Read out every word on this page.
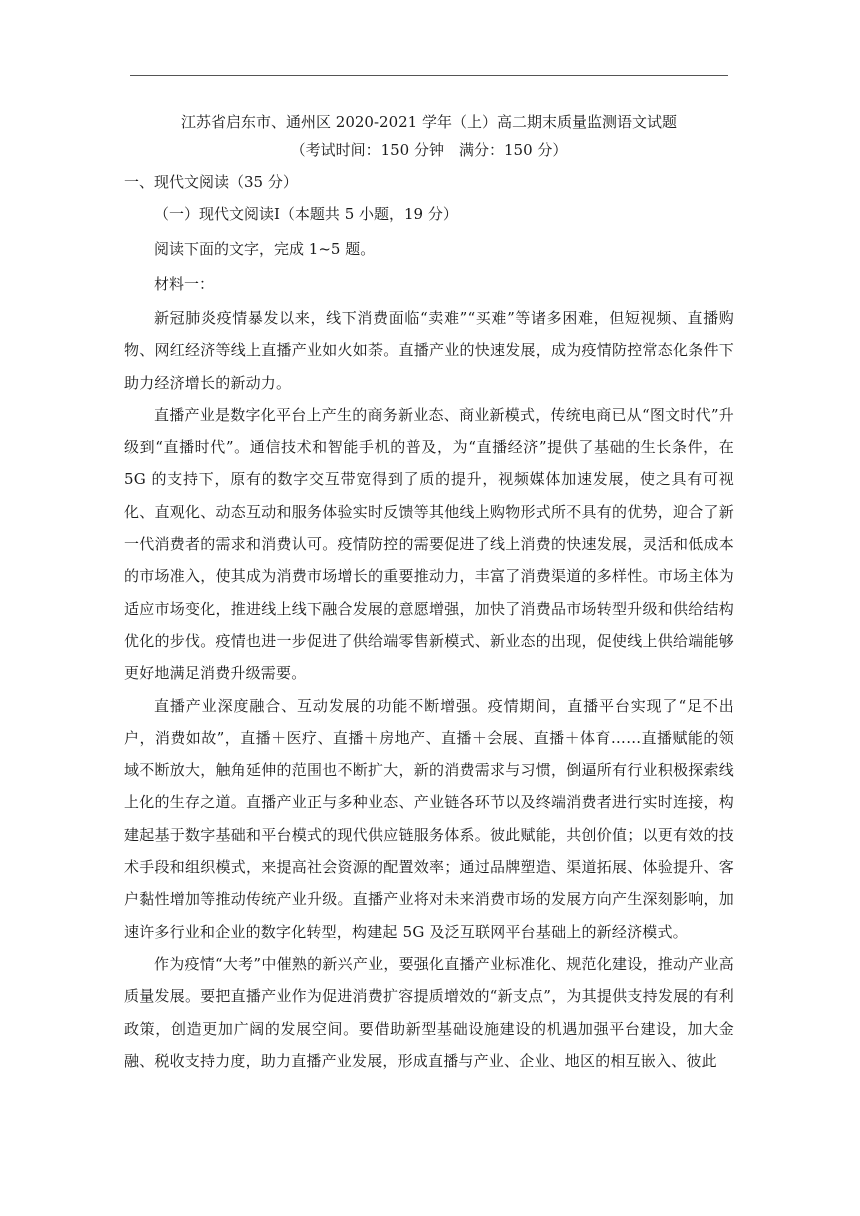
江苏省启东市、通州区 2020-2021 学年（上）高二期末质量监测语文试题

（考试时间：150 分钟　满分：150 分）

一、现代文阅读（35 分）

（一）现代文阅读Ⅰ（本题共 5 小题，19 分）

阅读下面的文字，完成 1~5 题。

材料一：

新冠肺炎疫情暴发以来，线下消费面临“卖难”“买难”等诸多困难，但短视频、直播购物、网红经济等线上直播产业如火如荼。直播产业的快速发展，成为疫情防控常态化条件下助力经济增长的新动力。

直播产业是数字化平台上产生的商务新业态、商业新模式，传统电商已从“图文时代”升级到“直播时代”。通信技术和智能手机的普及，为“直播经济”提供了基础的生长条件，在 5G 的支持下，原有的数字交互带宽得到了质的提升，视频媒体加速发展，使之具有可视化、直观化、动态互动和服务体验实时反馈等其他线上购物形式所不具有的优势，迎合了新一代消费者的需求和消费认可。疫情防控的需要促进了线上消费的快速发展，灵活和低成本的市场准入，使其成为消费市场增长的重要推动力，丰富了消费渠道的多样性。市场主体为适应市场变化，推进线上线下融合发展的意愿增强，加快了消费品市场转型升级和供给结构优化的步伐。疫情也进一步促进了供给端零售新模式、新业态的出现，促使线上供给端能够更好地满足消费升级需要。

直播产业深度融合、互动发展的功能不断增强。疫情期间，直播平台实现了“足不出户，消费如故”，直播＋医疗、直播＋房地产、直播＋会展、直播＋体育……直播赋能的领域不断放大，触角延伸的范围也不断扩大，新的消费需求与习惯，倒逼所有行业积极探索线上化的生存之道。直播产业正与多种业态、产业链各环节以及终端消费者进行实时连接，构建起基于数字基础和平台模式的现代供应链服务体系。彼此赋能，共创价值；以更有效的技术手段和组织模式，来提高社会资源的配置效率；通过品牌塑造、渠道拓展、体验提升、客户黏性增加等推动传统产业升级。直播产业将对未来消费市场的发展方向产生深刻影响，加速许多行业和企业的数字化转型，构建起 5G 及泛互联网平台基础上的新经济模式。

作为疫情“大考”中催熟的新兴产业，要强化直播产业标准化、规范化建设，推动产业高质量发展。要把直播产业作为促进消费扩容提质增效的“新支点”，为其提供支持发展的有利政策，创造更加广阔的发展空间。要借助新型基础设施建设的机遇加强平台建设，加大金融、税收支持力度，助力直播产业发展，形成直播与产业、企业、地区的相互嵌入、彼此
